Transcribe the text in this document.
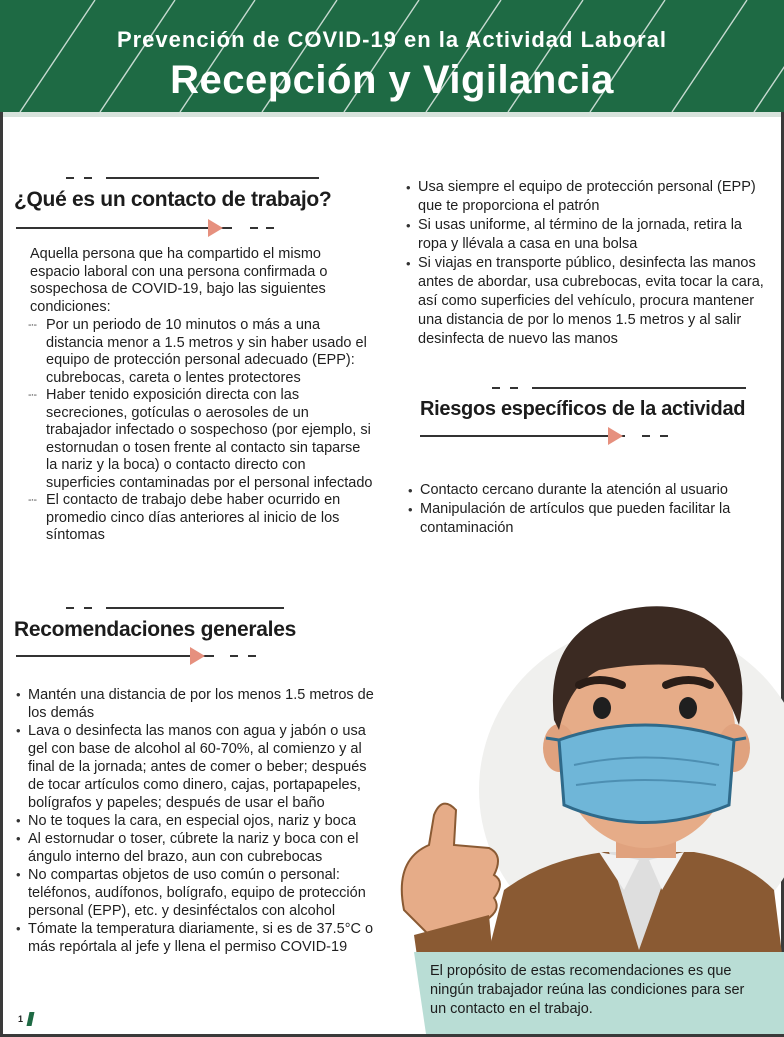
Prevención de COVID-19 en la Actividad Laboral
Recepción y Vigilancia
¿Qué es un contacto de trabajo?

Aquella persona que ha compartido el mismo espacio laboral con una persona confirmada o sospechosa de COVID-19, bajo las siguientes condiciones:

-·- Por un periodo de 10 minutos o más a una distancia menor a 1.5 metros y sin haber usado el equipo de protección personal adecuado (EPP): cubrebocas, careta o lentes protectores
-·- Haber tenido exposición directa con las secreciones, gotículas o aerosoles de un trabajador infectado o sospechoso (por ejemplo, si estornudan o tosen frente al contacto sin taparse la nariz y la boca) o contacto directo con superficies contaminadas por el personal infectado
-·- El contacto de trabajo debe haber ocurrido en promedio cinco días anteriores al inicio de los síntomas
Recomendaciones generales
• Mantén una distancia de por los menos 1.5 metros de los demás
• Lava o desinfecta las manos con agua y jabón o usa gel con base de alcohol al 60-70%, al comienzo y al final de la jornada; antes de comer o beber; después de tocar artículos como dinero, cajas, portapapeles, bolígrafos y papeles; después de usar el baño
• No te toques la cara, en especial ojos, nariz y boca
• Al estornudar o toser, cúbrete la nariz y boca con el ángulo interno del brazo, aun con cubrebocas
• No compartas objetos de uso común o personal: teléfonos, audífonos, bolígrafo, equipo de protección personal (EPP), etc. y desinféctalos con alcohol
• Tómate la temperatura diariamente, si es de 37.5°C o más repórtala al jefe y llena el permiso COVID-19
• Usa siempre el equipo de protección personal (EPP) que te proporciona el patrón
• Si usas uniforme, al término de la jornada, retira la ropa y llévala a casa en una bolsa
• Si viajas en transporte público, desinfecta las manos antes de abordar, usa cubrebocas, evita tocar la cara, así como superficies del vehículo, procura mantener una distancia de por lo menos 1.5 metros y al salir desinfecta de nuevo las manos
Riesgos específicos de la actividad
• Contacto cercano durante la atención al usuario
• Manipulación de artículos que pueden facilitar la contaminación
El propósito de estas recomendaciones es que ningún trabajador reúna las condiciones para ser un contacto en el trabajo.
1
